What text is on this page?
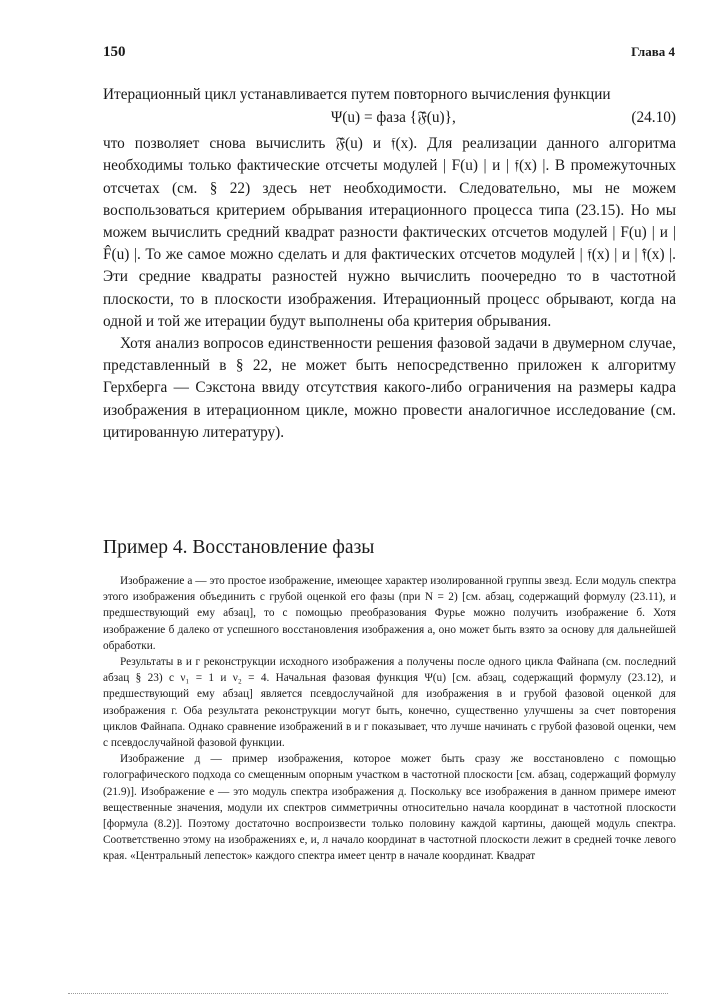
150	Глава 4

Итерационный цикл устанавливается путем повторного вычисления функции

Ψ(u) = фаза {𝔉̂(u)},	(24.10)

что позволяет снова вычислить 𝔉̂(u) и 𝔣(x). Для реализации данного алгоритма необходимы только фактические отсчеты модулей | F(u) | и | 𝔣(x) |. В промежуточных отсчетах (см. § 22) здесь нет необходимости. Следовательно, мы не можем воспользоваться критерием обрывания итерационного процесса типа (23.15). Но мы можем вычислить средний квадрат разности фактических отсчетов модулей | F(u) | и | F̂(u) |. То же самое можно сделать и для фактических отсчетов модулей | 𝔣(x) | и | 𝔣̂(x) |. Эти средние квадраты разностей нужно вычислить поочередно то в частотной плоскости, то в плоскости изображения. Итерационный процесс обрывают, когда на одной и той же итерации будут выполнены оба критерия обрывания.

Хотя анализ вопросов единственности решения фазовой задачи в двумерном случае, представленный в § 22, не может быть непосредственно приложен к алгоритму Герхберга — Сэкстона ввиду отсутствия какого-либо ограничения на размеры кадра изображения в итерационном цикле, можно провести аналогичное исследование (см. цитированную литературу).

Пример 4. Восстановление фазы

Изображение а — это простое изображение, имеющее характер изолированной группы звезд. Если модуль спектра этого изображения объединить с грубой оценкой его фазы (при N = 2) [см. абзац, содержащий формулу (23.11), и предшествующий ему абзац], то с помощью преобразования Фурье можно получить изображение б. Хотя изображение б далеко от успешного восстановления изображения а, оно может быть взято за основу для дальнейшей обработки.

Результаты в и г реконструкции исходного изображения а получены после одного цикла Файнапа (см. последний абзац § 23) с ν₁ = 1 и ν₂ = 4. Начальная фазовая функция Ψ(u) [см. абзац, содержащий формулу (23.12), и предшествующий ему абзац] является псевдослучайной для изображения в и грубой фазовой оценкой для изображения г. Оба результата реконструкции могут быть, конечно, существенно улучшены за счет повторения циклов Файнапа. Однако сравнение изображений в и г показывает, что лучше начинать с грубой фазовой оценки, чем с псевдослучайной фазовой функции.

Изображение д — пример изображения, которое может быть сразу же восстановлено с помощью голографического подхода со смещенным опорным участком в частотной плоскости [см. абзац, содержащий формулу (21.9)]. Изображение е — это модуль спектра изображения д. Поскольку все изображения в данном примере имеют вещественные значения, модули их спектров симметричны относительно начала координат в частотной плоскости [формула (8.2)]. Поэтому достаточно воспроизвести только половину каждой картины, дающей модуль спектра. Соответственно этому на изображениях е, и, л начало координат в частотной плоскости лежит в средней точке левого края. «Центральный лепесток» каждого спектра имеет центр в начале координат. Квадрат
